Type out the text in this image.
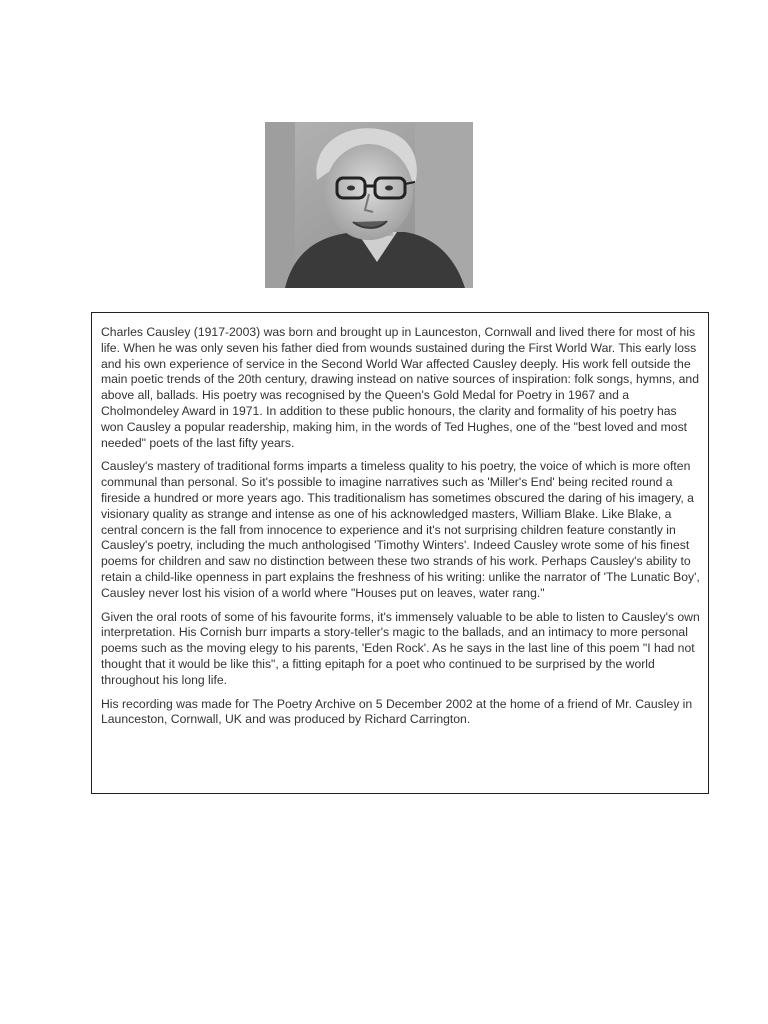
Charles Causley (1917-2003) was born and brought up in Launceston, Cornwall and lived there for most of his life. When he was only seven his father died from wounds sustained during the First World War. This early loss and his own experience of service in the Second World War affected Causley deeply. His work fell outside the main poetic trends of the 20th century, drawing instead on native sources of inspiration: folk songs, hymns, and above all, ballads. His poetry was recognised by the Queen's Gold Medal for Poetry in 1967 and a Cholmondeley Award in 1971. In addition to these public honours, the clarity and formality of his poetry has won Causley a popular readership, making him, in the words of Ted Hughes, one of the "best loved and most needed" poets of the last fifty years.

Causley's mastery of traditional forms imparts a timeless quality to his poetry, the voice of which is more often communal than personal. So it's possible to imagine narratives such as 'Miller's End' being recited round a fireside a hundred or more years ago. This traditionalism has sometimes obscured the daring of his imagery, a visionary quality as strange and intense as one of his acknowledged masters, William Blake. Like Blake, a central concern is the fall from innocence to experience and it's not surprising children feature constantly in Causley's poetry, including the much anthologised 'Timothy Winters'. Indeed Causley wrote some of his finest poems for children and saw no distinction between these two strands of his work. Perhaps Causley's ability to retain a child-like openness in part explains the freshness of his writing: unlike the narrator of 'The Lunatic Boy', Causley never lost his vision of a world where "Houses put on leaves, water rang."

Given the oral roots of some of his favourite forms, it's immensely valuable to be able to listen to Causley's own interpretation. His Cornish burr imparts a story-teller's magic to the ballads, and an intimacy to more personal poems such as the moving elegy to his parents, 'Eden Rock'. As he says in the last line of this poem "I had not thought that it would be like this", a fitting epitaph for a poet who continued to be surprised by the world throughout his long life.

His recording was made for The Poetry Archive on 5 December 2002 at the home of a friend of Mr. Causley in Launceston, Cornwall, UK and was produced by Richard Carrington.
